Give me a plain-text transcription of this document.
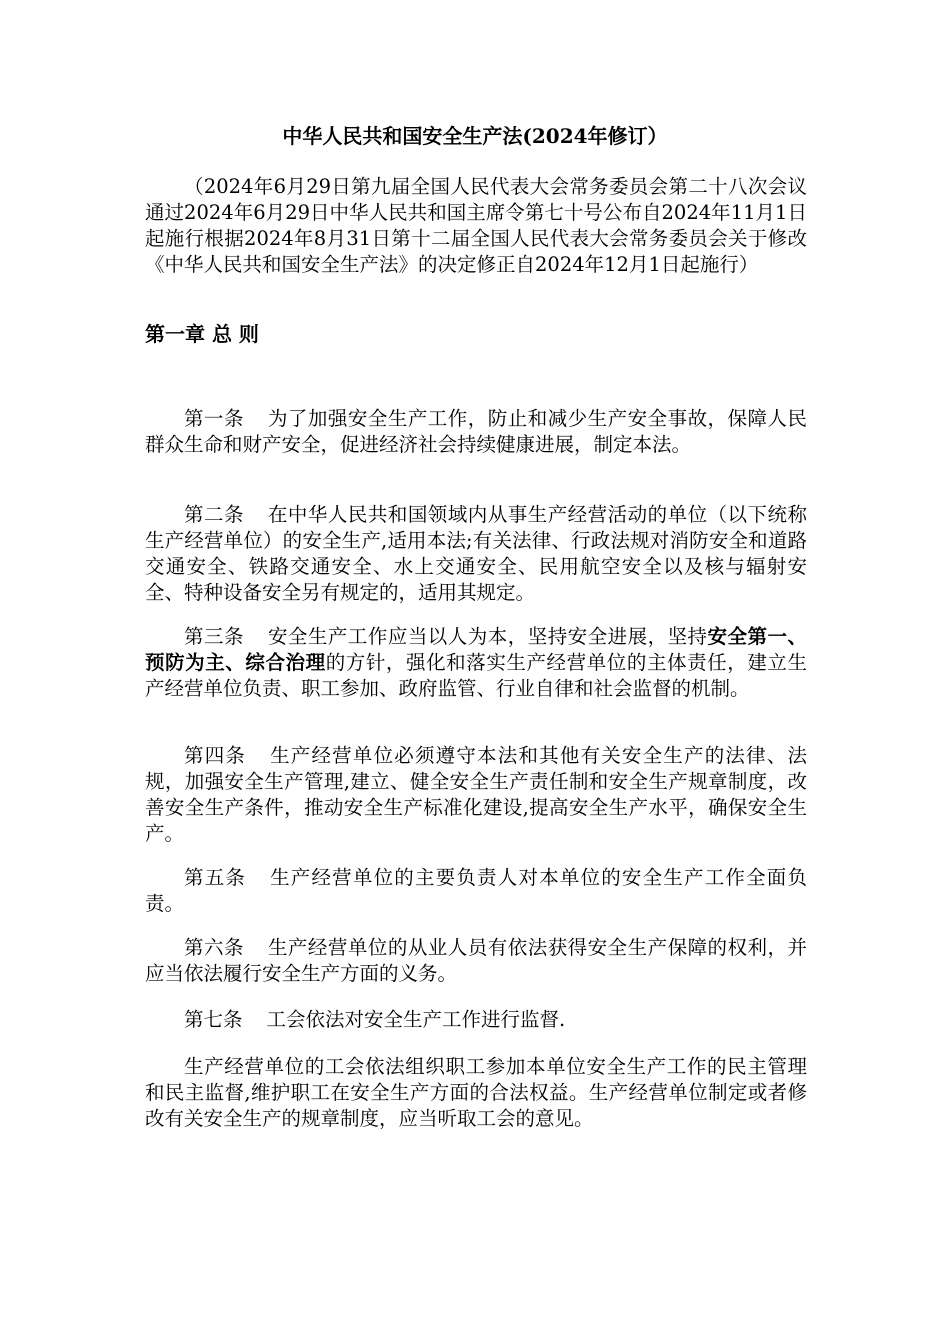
中华人民共和国安全生产法(2024年修订）

（2024年6月29日第九届全国人民代表大会常务委员会第二十八次会议通过2024年6月29日中华人民共和国主席令第七十号公布自2024年11月1日起施行根据2024年8月31日第十二届全国人民代表大会常务委员会关于修改《中华人民共和国安全生产法》的决定修正自2024年12月1日起施行）

第一章 总 则

第一条 为了加强安全生产工作，防止和减少生产安全事故，保障人民群众生命和财产安全，促进经济社会持续健康进展，制定本法。

第二条 在中华人民共和国领域内从事生产经营活动的单位（以下统称生产经营单位）的安全生产,适用本法;有关法律、行政法规对消防安全和道路交通安全、铁路交通安全、水上交通安全、民用航空安全以及核与辐射安全、特种设备安全另有规定的，适用其规定。

第三条 安全生产工作应当以人为本，坚持安全进展，坚持安全第一、预防为主、综合治理的方针，强化和落实生产经营单位的主体责任，建立生产经营单位负责、职工参加、政府监管、行业自律和社会监督的机制。

第四条 生产经营单位必须遵守本法和其他有关安全生产的法律、法规，加强安全生产管理,建立、健全安全生产责任制和安全生产规章制度，改善安全生产条件，推动安全生产标准化建设,提高安全生产水平，确保安全生产。

第五条 生产经营单位的主要负责人对本单位的安全生产工作全面负责。

第六条 生产经营单位的从业人员有依法获得安全生产保障的权利，并应当依法履行安全生产方面的义务。

第七条 工会依法对安全生产工作进行监督.

生产经营单位的工会依法组织职工参加本单位安全生产工作的民主管理和民主监督,维护职工在安全生产方面的合法权益。生产经营单位制定或者修改有关安全生产的规章制度，应当听取工会的意见。
